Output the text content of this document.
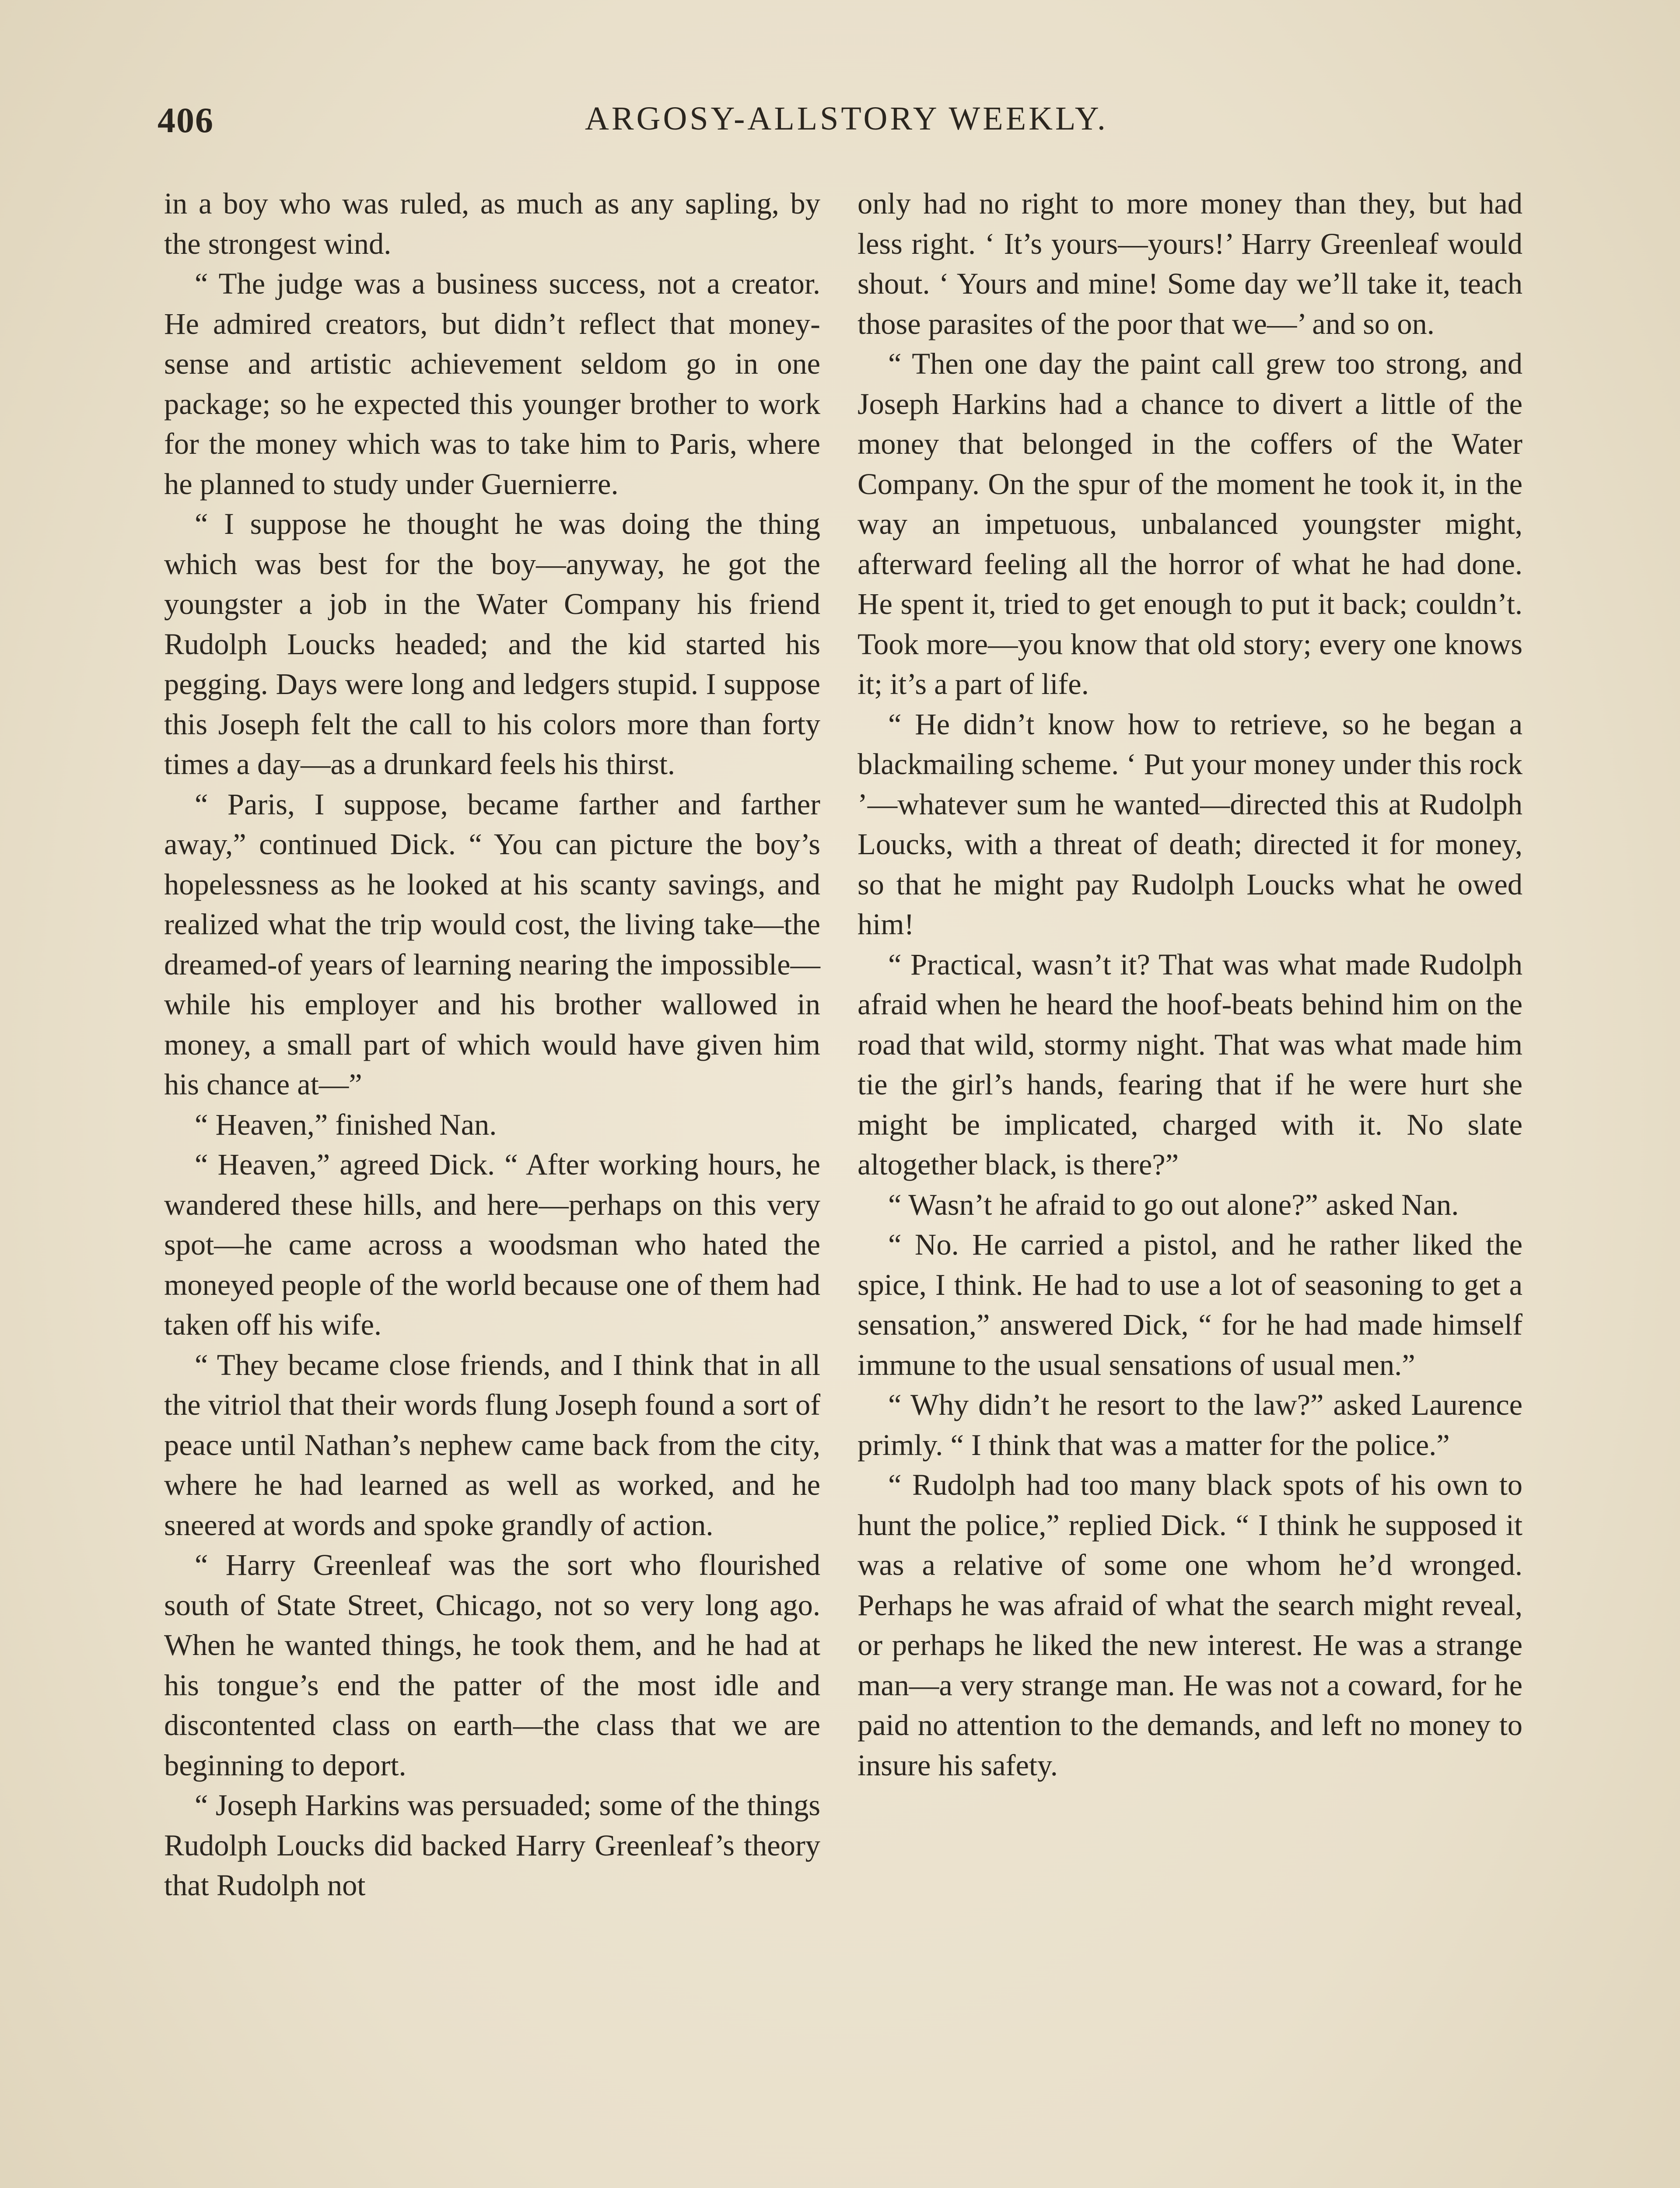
406	ARGOSY-ALLSTORY WEEKLY.

in a boy who was ruled, as much as any sapling, by the strongest wind.

“ The judge was a business success, not a creator. He admired creators, but didn’t reflect that money-sense and artistic achievement seldom go in one package; so he expected this younger brother to work for the money which was to take him to Paris, where he planned to study under Guernierre.

“ I suppose he thought he was doing the thing which was best for the boy—anyway, he got the youngster a job in the Water Company his friend Rudolph Loucks headed; and the kid started his pegging. Days were long and ledgers stupid. I suppose this Joseph felt the call to his colors more than forty times a day—as a drunkard feels his thirst.

“ Paris, I suppose, became farther and farther away,” continued Dick. “ You can picture the boy’s hopelessness as he looked at his scanty savings, and realized what the trip would cost, the living take—the dreamed-of years of learning nearing the impossible—while his employer and his brother wallowed in money, a small part of which would have given him his chance at—”

“ Heaven,” finished Nan.

“ Heaven,” agreed Dick. “ After working hours, he wandered these hills, and here—perhaps on this very spot—he came across a woodsman who hated the moneyed people of the world because one of them had taken off his wife.

“ They became close friends, and I think that in all the vitriol that their words flung Joseph found a sort of peace until Nathan’s nephew came back from the city, where he had learned as well as worked, and he sneered at words and spoke grandly of action.

“ Harry Greenleaf was the sort who flourished south of State Street, Chicago, not so very long ago. When he wanted things, he took them, and he had at his tongue’s end the patter of the most idle and discontented class on earth—the class that we are beginning to deport.

“ Joseph Harkins was persuaded; some of the things Rudolph Loucks did backed Harry Greenleaf’s theory that Rudolph not

only had no right to more money than they, but had less right. ‘ It’s yours—yours!’ Harry Greenleaf would shout. ‘ Yours and mine! Some day we’ll take it, teach those parasites of the poor that we—’ and so on.

“ Then one day the paint call grew too strong, and Joseph Harkins had a chance to divert a little of the money that belonged in the coffers of the Water Company. On the spur of the moment he took it, in the way an impetuous, unbalanced youngster might, afterward feeling all the horror of what he had done. He spent it, tried to get enough to put it back; couldn’t. Took more—you know that old story; every one knows it; it’s a part of life.

“ He didn’t know how to retrieve, so he began a blackmailing scheme. ‘ Put your money under this rock ’—whatever sum he wanted—directed this at Rudolph Loucks, with a threat of death; directed it for money, so that he might pay Rudolph Loucks what he owed him!

“ Practical, wasn’t it? That was what made Rudolph afraid when he heard the hoof-beats behind him on the road that wild, stormy night. That was what made him tie the girl’s hands, fearing that if he were hurt she might be implicated, charged with it. No slate altogether black, is there?”

“ Wasn’t he afraid to go out alone?” asked Nan.

“ No. He carried a pistol, and he rather liked the spice, I think. He had to use a lot of seasoning to get a sensation,” answered Dick, “ for he had made himself immune to the usual sensations of usual men.”

“ Why didn’t he resort to the law?” asked Laurence primly. “ I think that was a matter for the police.”

“ Rudolph had too many black spots of his own to hunt the police,” replied Dick. “ I think he supposed it was a relative of some one whom he’d wronged. Perhaps he was afraid of what the search might reveal, or perhaps he liked the new interest. He was a strange man—a very strange man. He was not a coward, for he paid no attention to the demands, and left no money to insure his safety.
